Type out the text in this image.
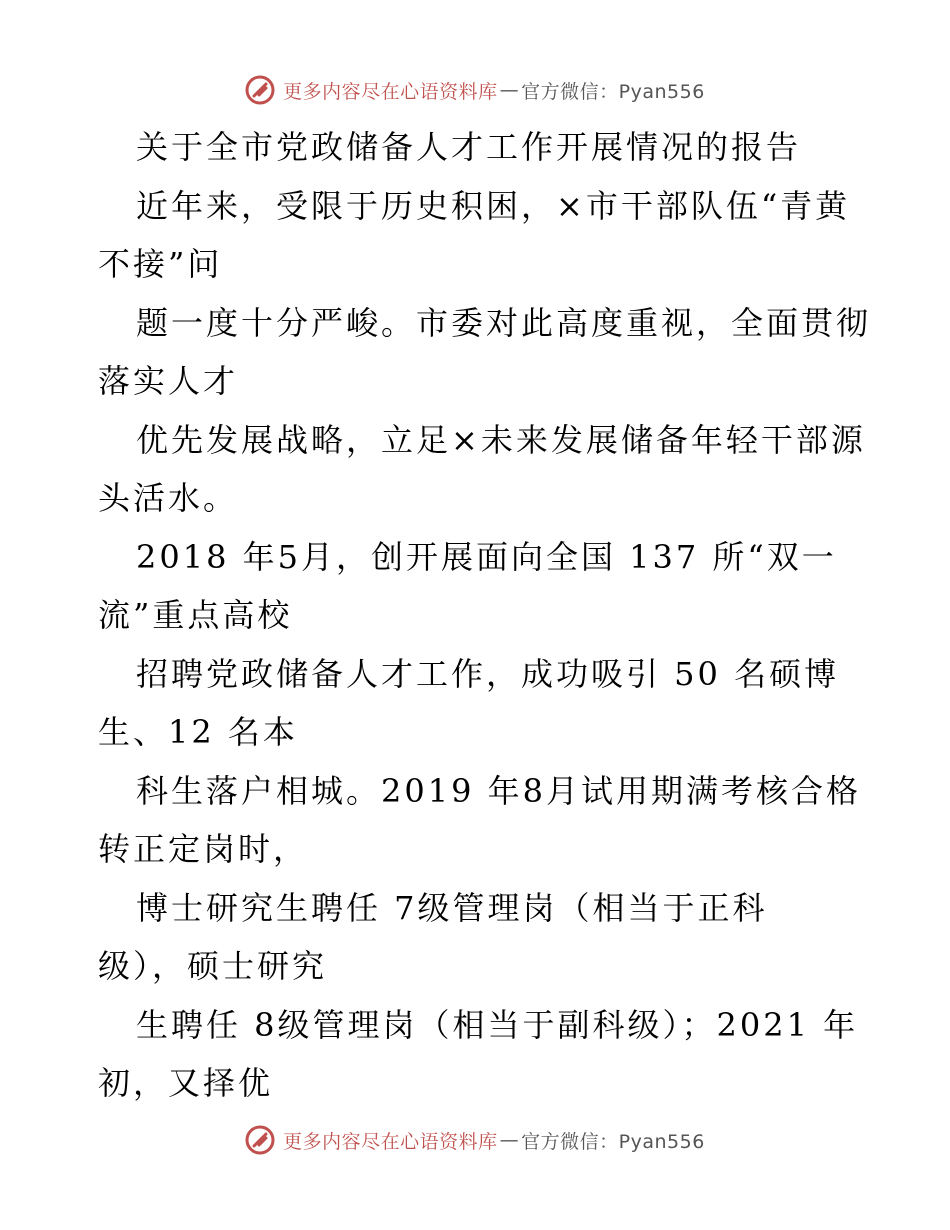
更多内容尽在心语资料库 — 官方微信：Pyan556
关于全市党政储备人才工作开展情况的报告
近年来，受限于历史积困，×市干部队伍“青黄
不接”问
题一度十分严峻。市委对此高度重视，全面贯彻
落实人才
优先发展战略，立足×未来发展储备年轻干部源
头活水。
2018 年5月，创开展面向全国 137 所“双一
流”重点高校
招聘党政储备人才工作，成功吸引 50 名硕博
生、12 名本
科生落户相城。2019 年8月试用期满考核合格
转正定岗时，
博士研究生聘任 7级管理岗（相当于正科
级），硕士研究
生聘任 8级管理岗（相当于副科级）；2021 年
初，又择优
更多内容尽在心语资料库 — 官方微信：Pyan556
